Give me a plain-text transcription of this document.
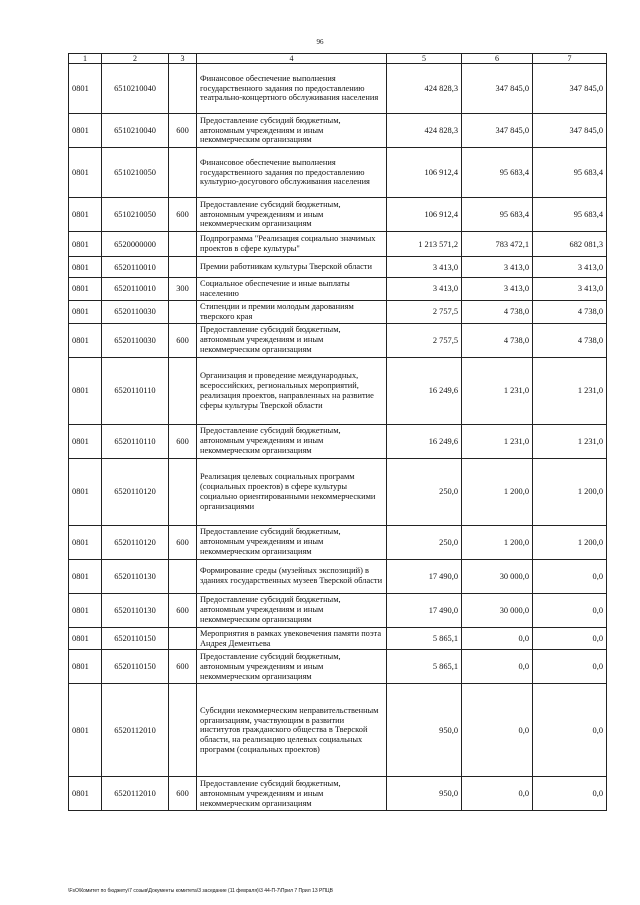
96
1	2	3	4	5	6	7
0801	6510210040		Финансовое обеспечение выполнения государственного задания по предоставлению театрально-концертного обслуживания населения	424 828,3	347 845,0	347 845,0
0801	6510210040	600	Предоставление субсидий бюджетным, автономным учреждениям и иным некоммерческим организациям	424 828,3	347 845,0	347 845,0
0801	6510210050		Финансовое обеспечение выполнения государственного задания по предоставлению культурно-досугового обслуживания населения	106 912,4	95 683,4	95 683,4
0801	6510210050	600	Предоставление субсидий бюджетным, автономным учреждениям и иным некоммерческим организациям	106 912,4	95 683,4	95 683,4
0801	6520000000		Подпрограмма "Реализация социально значимых проектов в сфере культуры"	1 213 571,2	783 472,1	682 081,3
0801	6520110010		Премии работникам культуры Тверской области	3 413,0	3 413,0	3 413,0
0801	6520110010	300	Социальное обеспечение и иные выплаты населению	3 413,0	3 413,0	3 413,0
0801	6520110030		Стипендии и премии молодым дарованиям тверского края	2 757,5	4 738,0	4 738,0
0801	6520110030	600	Предоставление субсидий бюджетным, автономным учреждениям и иным некоммерческим организациям	2 757,5	4 738,0	4 738,0
0801	6520110110		Организация и проведение международных, всероссийских, региональных мероприятий, реализация проектов, направленных на развитие сферы культуры Тверской области	16 249,6	1 231,0	1 231,0
0801	6520110110	600	Предоставление субсидий бюджетным, автономным учреждениям и иным некоммерческим организациям	16 249,6	1 231,0	1 231,0
0801	6520110120		Реализация целевых социальных программ (социальных проектов) в сфере культуры социально ориентированными некоммерческими организациями	250,0	1 200,0	1 200,0
0801	6520110120	600	Предоставление субсидий бюджетным, автономным учреждениям и иным некоммерческим организациям	250,0	1 200,0	1 200,0
0801	6520110130		Формирование среды (музейных экспозиций) в зданиях государственных музеев Тверской области	17 490,0	30 000,0	0,0
0801	6520110130	600	Предоставление субсидий бюджетным, автономным учреждениям и иным некоммерческим организациям	17 490,0	30 000,0	0,0
0801	6520110150		Мероприятия в рамках увековечения памяти поэта Андрея Дементьева	5 865,1	0,0	0,0
0801	6520110150	600	Предоставление субсидий бюджетным, автономным учреждениям и иным некоммерческим организациям	5 865,1	0,0	0,0
0801	6520112010		Субсидии некоммерческим неправительственным организациям, участвующим в развитии институтов гражданского общества в Тверской области, на реализацию целевых социальных программ (социальных проектов)	950,0	0,0	0,0
0801	6520112010	600	Предоставление субсидий бюджетным, автономным учреждениям и иным некоммерческим организациям	950,0	0,0	0,0
\FsO\Комитет по бюджету\7 созыв\Документы комитета\3 заседание (11 февраля)\3 44-П-7\Прил 7 Прил 13 РПЦВ
